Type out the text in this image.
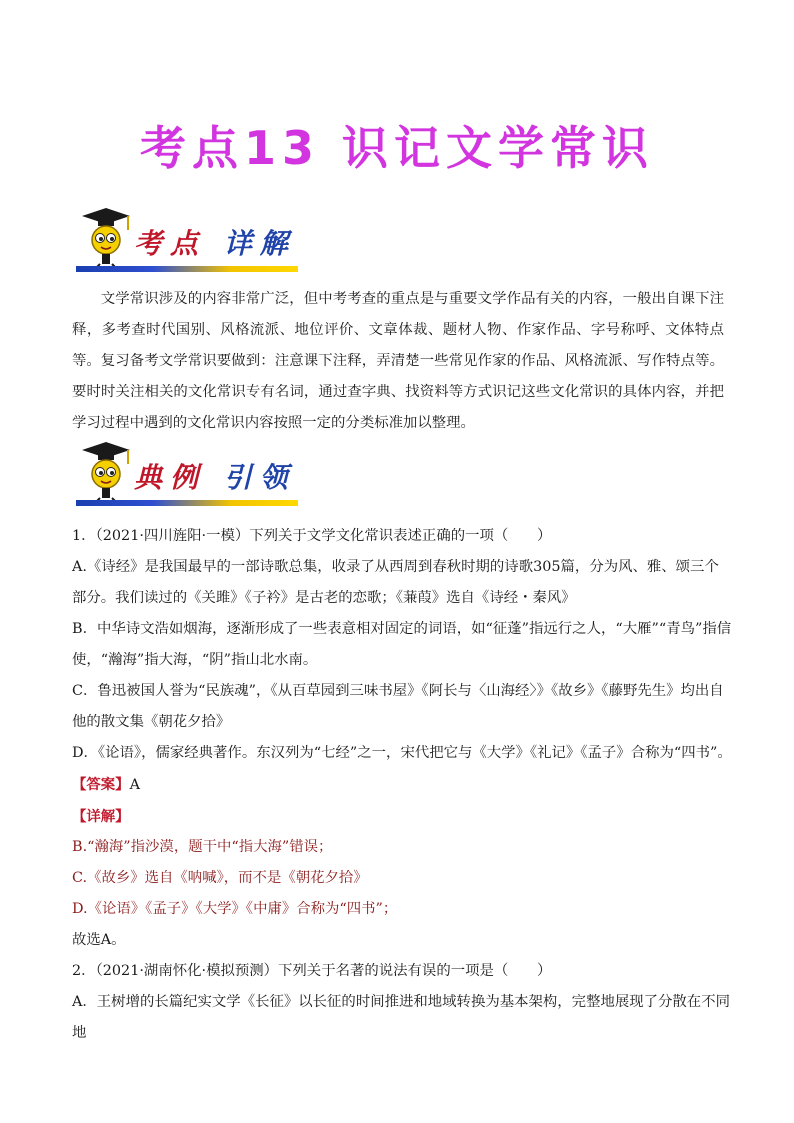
考点13 识记文学常识
考点 详解
文学常识涉及的内容非常广泛，但中考考查的重点是与重要文学作品有关的内容，一般出自课下注释，多考查时代国别、风格流派、地位评价、文章体裁、题材人物、作家作品、字号称呼、文体特点等。 复习备考文学常识要做到：注意课下注释，弄清楚一些常见作家的作品、风格流派、写作特点等。要时时关注相关的文化常识专有名词，通过查字典、找资料等方式识记这些文化常识的具体内容，并把学习过程中遇到的文化常识内容按照一定的分类标准加以整理。
典例 引领

1．（2021·四川旌阳·一模）下列关于文学文化常识表述正确的一项（　　）

A.《诗经》是我国最早的一部诗歌总集，收录了从西周到春秋时期的诗歌305篇，分为风、雅、颂三个部分。我们读过的《关雎》《子衿》是古老的恋歌；《蒹葭》选自《诗经・秦风》

B．中华诗文浩如烟海，逐渐形成了一些表意相对固定的词语，如“征蓬”指远行之人，“大雁”“青鸟”指信使，“瀚海”指大海，“阴”指山北水南。

C．鲁迅被国人誉为“民族魂”，《从百草园到三味书屋》《阿长与〈山海经〉》《故乡》《藤野先生》均出自他的散文集《朝花夕拾》

D．《论语》，儒家经典著作。东汉列为“七经”之一，宋代把它与《大学》《礼记》《孟子》合称为“四书”。

【答案】A

【详解】

B.“瀚海”指沙漠，题干中“指大海”错误；

C.《故乡》选自《呐喊》，而不是《朝花夕拾》

D.《论语》《孟子》《大学》《中庸》合称为“四书”；

故选A。

2．（2021·湖南怀化·模拟预测）下列关于名著的说法有误的一项是（　　）

A．王树增的长篇纪实文学《长征》以长征的时间推进和地域转换为基本架构，完整地展现了分散在不同地
